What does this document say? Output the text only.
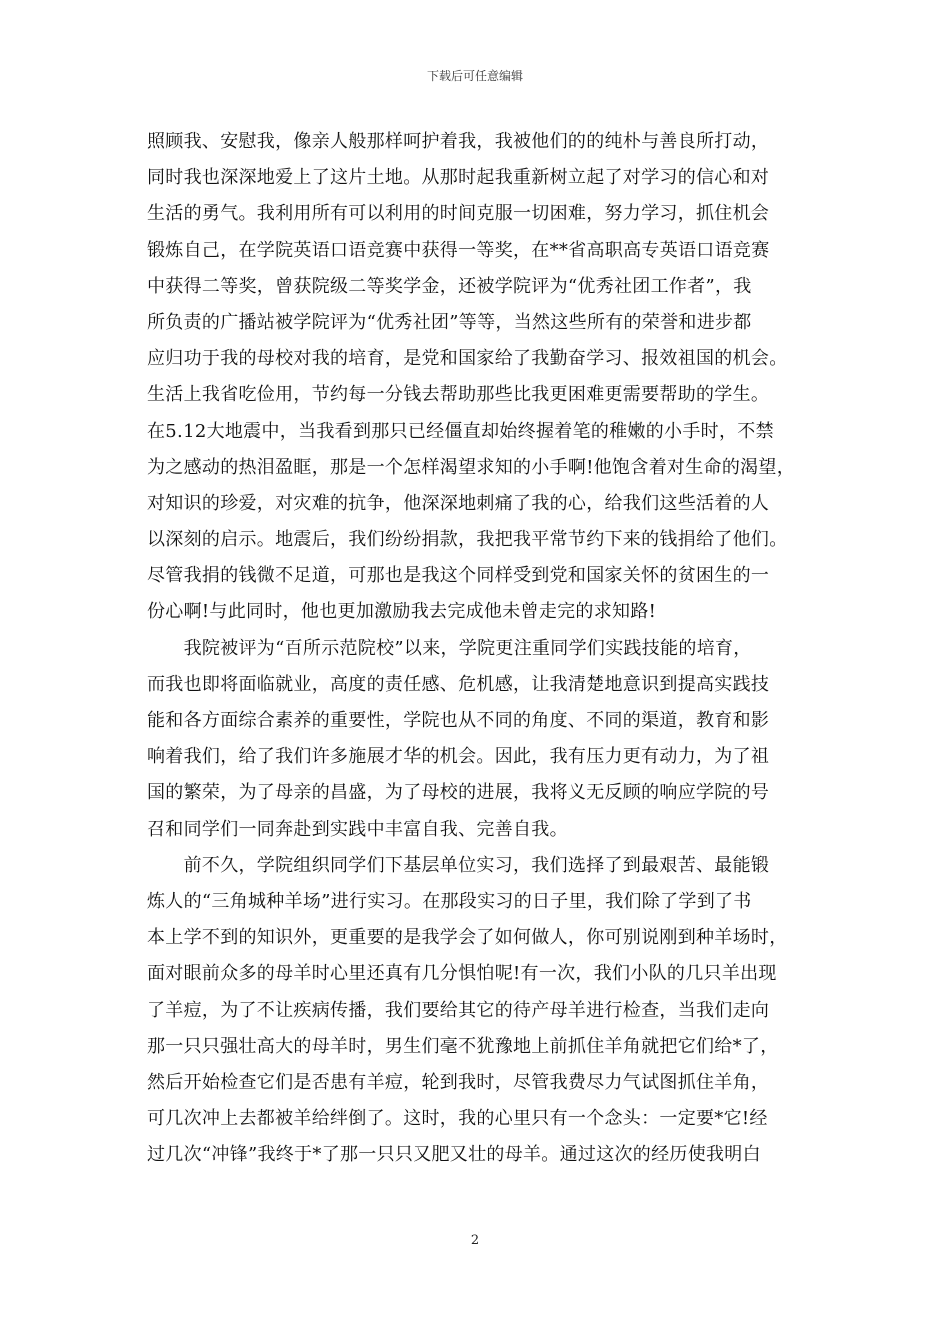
下载后可任意编辑
照顾我、安慰我，像亲人般那样呵护着我，我被他们的的纯朴与善良所打动，
同时我也深深地爱上了这片土地。从那时起我重新树立起了对学习的信心和对
生活的勇气。我利用所有可以利用的时间克服一切困难，努力学习，抓住机会
锻炼自己，在学院英语口语竞赛中获得一等奖，在**省高职高专英语口语竞赛
中获得二等奖，曾获院级二等奖学金，还被学院评为“优秀社团工作者”，我
所负责的广播站被学院评为“优秀社团”等等，当然这些所有的荣誉和进步都
应归功于我的母校对我的培育，是党和国家给了我勤奋学习、报效祖国的机会。
生活上我省吃俭用，节约每一分钱去帮助那些比我更困难更需要帮助的学生。
在5.12大地震中，当我看到那只已经僵直却始终握着笔的稚嫩的小手时，不禁
为之感动的热泪盈眶，那是一个怎样渴望求知的小手啊!他饱含着对生命的渴望，
对知识的珍爱，对灾难的抗争，他深深地刺痛了我的心，给我们这些活着的人
以深刻的启示。地震后，我们纷纷捐款，我把我平常节约下来的钱捐给了他们。
尽管我捐的钱微不足道，可那也是我这个同样受到党和国家关怀的贫困生的一
份心啊!与此同时，他也更加激励我去完成他未曾走完的求知路!
　　我院被评为“百所示范院校”以来，学院更注重同学们实践技能的培育，
而我也即将面临就业，高度的责任感、危机感，让我清楚地意识到提高实践技
能和各方面综合素养的重要性，学院也从不同的角度、不同的渠道，教育和影
响着我们，给了我们许多施展才华的机会。因此，我有压力更有动力，为了祖
国的繁荣，为了母亲的昌盛，为了母校的进展，我将义无反顾的响应学院的号
召和同学们一同奔赴到实践中丰富自我、完善自我。
　　前不久，学院组织同学们下基层单位实习，我们选择了到最艰苦、最能锻
炼人的“三角城种羊场”进行实习。在那段实习的日子里，我们除了学到了书
本上学不到的知识外，更重要的是我学会了如何做人，你可别说刚到种羊场时，
面对眼前众多的母羊时心里还真有几分惧怕呢!有一次，我们小队的几只羊出现
了羊痘，为了不让疾病传播，我们要给其它的待产母羊进行检查，当我们走向
那一只只强壮高大的母羊时，男生们毫不犹豫地上前抓住羊角就把它们给*了，
然后开始检查它们是否患有羊痘，轮到我时，尽管我费尽力气试图抓住羊角，
可几次冲上去都被羊给绊倒了。这时，我的心里只有一个念头：一定要*它!经
过几次“冲锋”我终于*了那一只只又肥又壮的母羊。通过这次的经历使我明白
2
